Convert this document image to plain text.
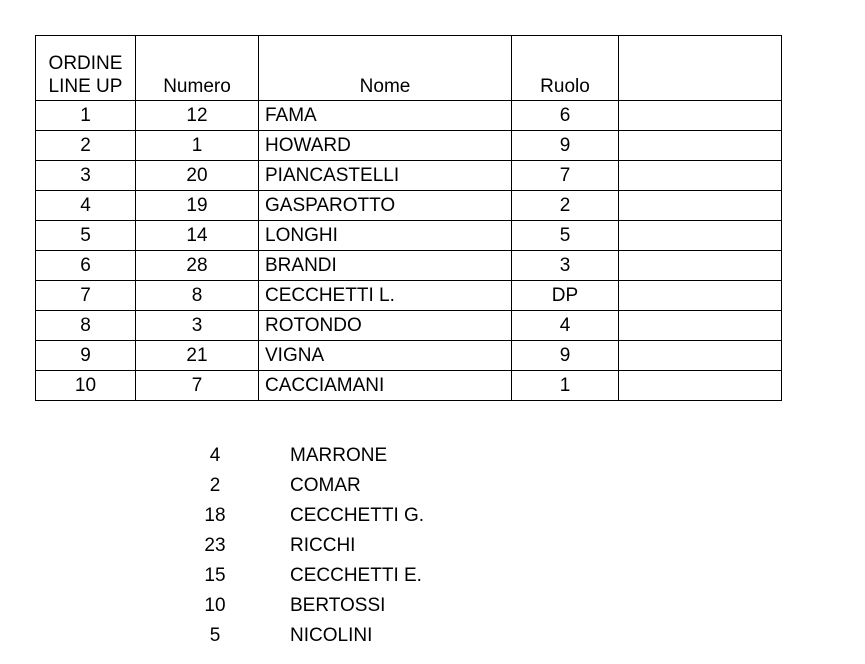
ORDINE
LINE UP	Numero	Nome	Ruolo	
1	12	FAMA	6	
2	1	HOWARD	9	
3	20	PIANCASTELLI	7	
4	19	GASPAROTTO	2	
5	14	LONGHI	5	
6	28	BRANDI	3	
7	8	CECCHETTI L.	DP	
8	3	ROTONDO	4	
9	21	VIGNA	9	
10	7	CACCIAMANI	1	
4	MARRONE
2	COMAR
18	CECCHETTI G.
23	RICCHI
15	CECCHETTI E.
10	BERTOSSI
5	NICOLINI
